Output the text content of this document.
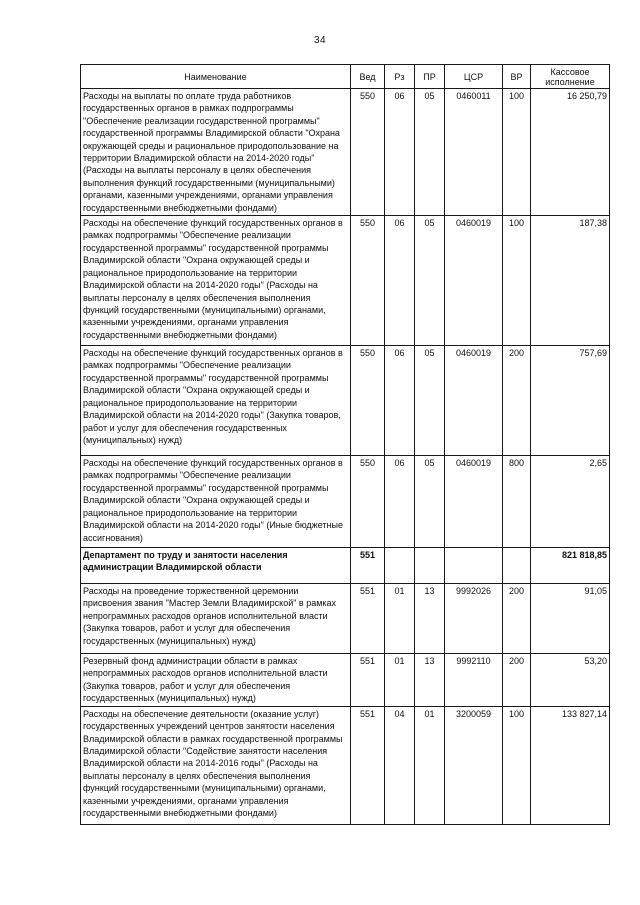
34
Наименование	Вед	Рз	ПР	ЦСР	ВР	Кассовое исполнение
Расходы на выплаты по оплате труда работников государственных органов в рамках подпрограммы "Обеспечение реализации государственной программы" государственной программы Владимирской области "Охрана окружающей среды и рациональное природопользование на территории Владимирской области на 2014-2020 годы" (Расходы на выплаты персоналу в целях обеспечения выполнения функций государственными (муниципальными) органами, казенными учреждениями, органами управления государственными внебюджетными фондами)	550	06	05	0460011	100	16 250,79
Расходы на обеспечение функций государственных органов в рамках подпрограммы "Обеспечение реализации государственной программы" государственной программы Владимирской области "Охрана окружающей среды и рациональное природопользование на территории Владимирской области на 2014-2020 годы" (Расходы на выплаты персоналу в целях обеспечения выполнения функций государственными (муниципальными) органами, казенными учреждениями, органами управления государственными внебюджетными фондами)	550	06	05	0460019	100	187,38
Расходы на обеспечение функций государственных органов в рамках подпрограммы "Обеспечение реализации государственной программы" государственной программы Владимирской области "Охрана окружающей среды и рациональное природопользование на территории Владимирской области на 2014-2020 годы" (Закупка товаров, работ и услуг для обеспечения государственных (муниципальных) нужд)	550	06	05	0460019	200	757,69
Расходы на обеспечение функций государственных органов в рамках подпрограммы "Обеспечение реализации государственной программы" государственной программы Владимирской области "Охрана окружающей среды и рациональное природопользование на территории Владимирской области на 2014-2020 годы" (Иные бюджетные ассигнования)	550	06	05	0460019	800	2,65
Департамент по труду и занятости населения администрации Владимирской области	551					821 818,85
Расходы на проведение торжественной церемонии присвоения звания "Мастер Земли Владимирской" в рамках непрограммных расходов органов исполнительной власти (Закупка товаров, работ и услуг для обеспечения государственных (муниципальных) нужд)	551	01	13	9992026	200	91,05
Резервный фонд администрации области в рамках непрограммных расходов органов исполнительной власти (Закупка товаров, работ и услуг для обеспечения государственных (муниципальных) нужд)	551	01	13	9992110	200	53,20
Расходы на обеспечение деятельности (оказание услуг) государственных учреждений центров занятости населения Владимирской области в рамках государственной программы Владимирской области "Содействие занятости населения Владимирской области на 2014-2016 годы" (Расходы на выплаты персоналу в целях обеспечения выполнения функций государственными (муниципальными) органами, казенными учреждениями, органами управления государственными внебюджетными фондами)	551	04	01	3200059	100	133 827,14
